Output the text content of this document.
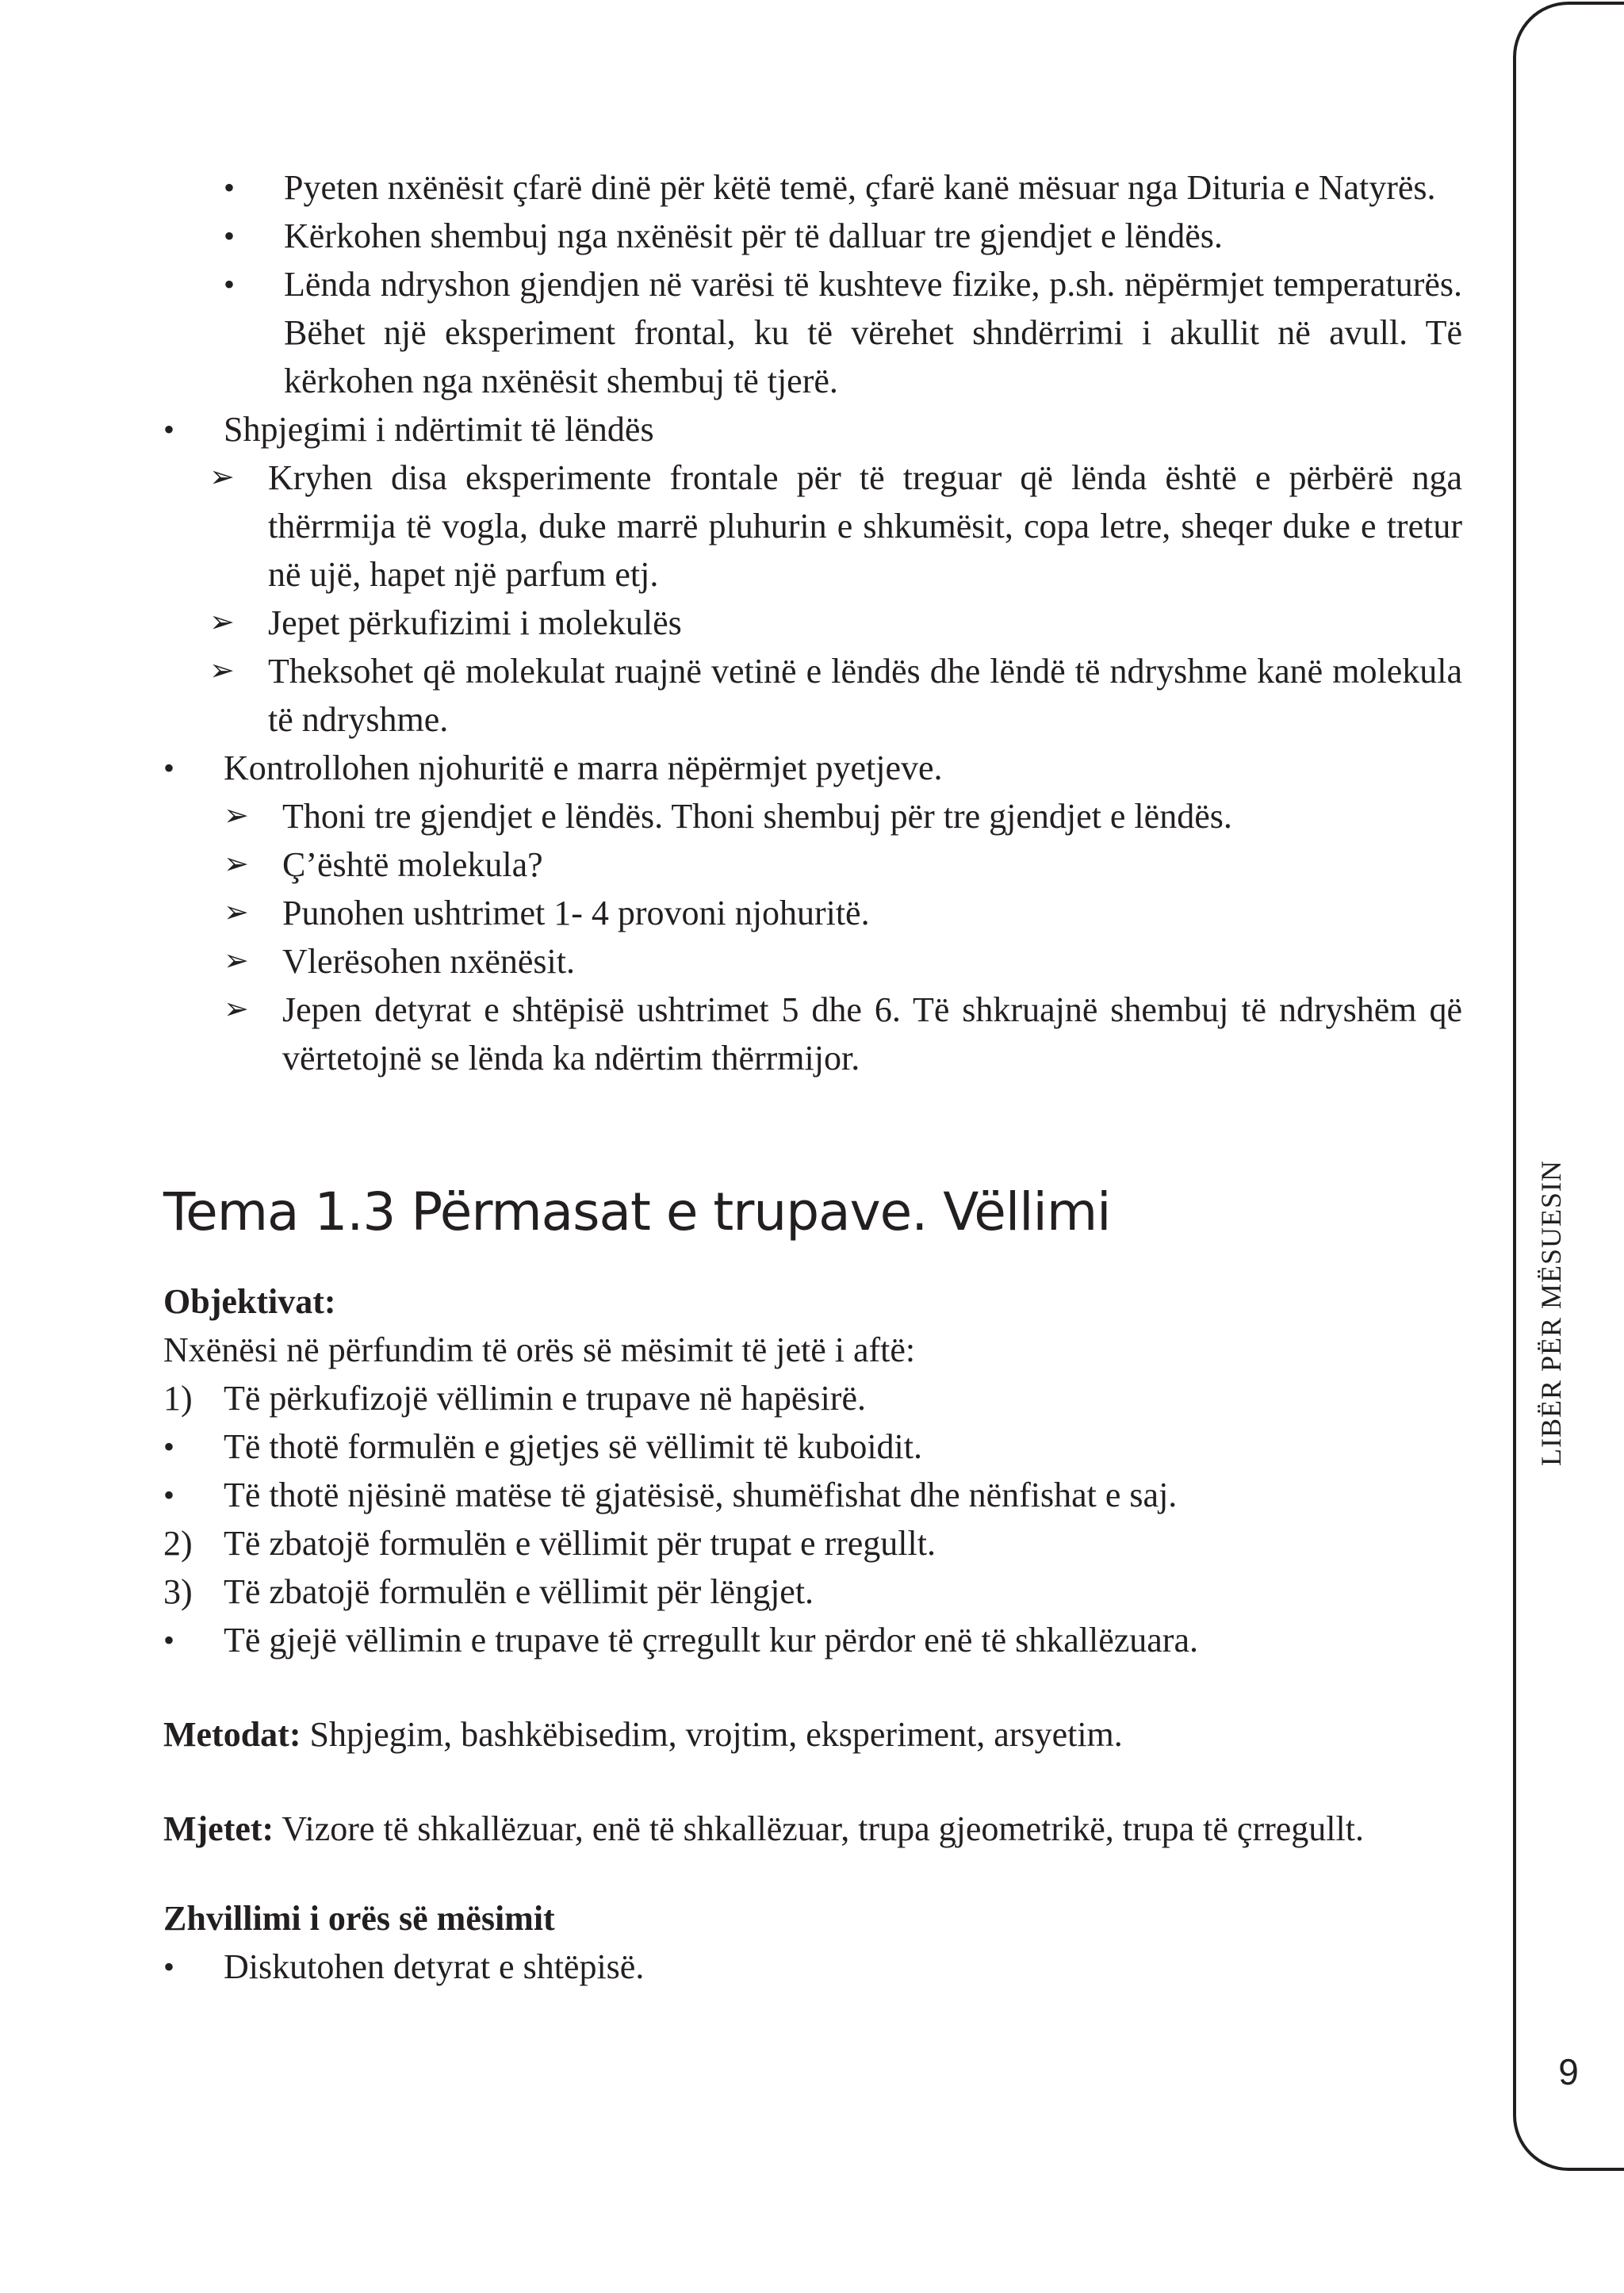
• Pyeten nxënësit çfarë dinë për këtë temë, çfarë kanë mësuar nga Dituria e Natyrës.
• Kërkohen shembuj nga nxënësit për të dalluar tre gjendjet e lëndës.
• Lënda ndryshon gjendjen në varësi të kushteve fizike, p.sh. nëpërmjet temperaturës. Bëhet një eksperiment frontal, ku të vërehet shndërrimi i akullit në avull. Të kërkohen nga nxënësit shembuj të tjerë.
• Shpjegimi i ndërtimit të lëndës
➢ Kryhen disa eksperimente frontale për të treguar që lënda është e përbërë nga thërrmija të vogla, duke marrë pluhurin e shkumësit, copa letre, sheqer duke e tretur në ujë, hapet një parfum etj.
➢ Jepet përkufizimi i molekulës
➢ Theksohet që molekulat ruajnë vetinë e lëndës dhe lëndë të ndryshme kanë molekula të ndryshme.
• Kontrollohen njohuritë e marra nëpërmjet pyetjeve.
➢ Thoni tre gjendjet e lëndës. Thoni shembuj për tre gjendjet e lëndës.
➢ Ç’është molekula?
➢ Punohen ushtrimet 1- 4 provoni njohuritë.
➢ Vlerësohen nxënësit.
➢ Jepen detyrat e shtëpisë ushtrimet 5 dhe 6. Të shkruajnë shembuj të ndryshëm që vërtetojnë se lënda ka ndërtim thërrmijor.
Tema 1.3 Përmasat e trupave. Vëllimi

Objektivat:

Nxënësi në përfundim të orës së mësimit të jetë i aftë:

1) Të përkufizojë vëllimin e trupave në hapësirë.
• Të thotë formulën e gjetjes së vëllimit të kuboidit.
• Të thotë njësinë matëse të gjatësisë, shumëfishat dhe nënfishat e saj.
2) Të zbatojë formulën e vëllimit për trupat e rregullt.
3) Të zbatojë formulën e vëllimit për lëngjet.
• Të gjejë vëllimin e trupave të çrregullt kur përdor enë të shkallëzuara.

Metodat: Shpjegim, bashkëbisedim, vrojtim, eksperiment, arsyetim.

Mjetet: Vizore të shkallëzuar, enë të shkallëzuar, trupa gjeometrikë, trupa të çrregullt.

Zhvillimi i orës së mësimit

• Diskutohen detyrat e shtëpisë.
LIBËR PËR MËSUESIN
9
